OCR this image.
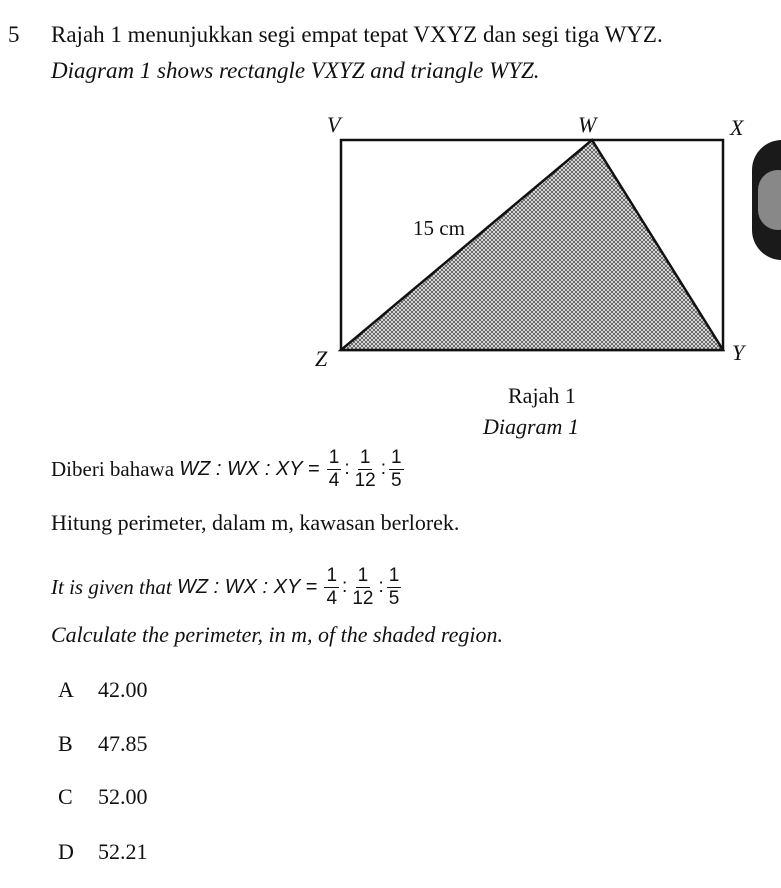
5 Rajah 1 menunjukkan segi empat tepat VXYZ dan segi tiga WYZ.
Diagram 1 shows rectangle VXYZ and triangle WYZ.
V	W	X
Y
Z
15 cm
Rajah 1
Diagram 1
Diberi bahawa
WZ : WX : XY =
$\frac{1}{4}$ : $\frac{1}{12}$ : $\frac{1}{5}$
Hitung perimeter, dalam m, kawasan berlorek.
It is given that
WZ : WX : XY =
$\frac{1}{4}$ : $\frac{1}{12}$ : $\frac{1}{5}$
Calculate the perimeter, in m, of the shaded region.
A 42.00
B 47.85
C 52.00
D 52.21
